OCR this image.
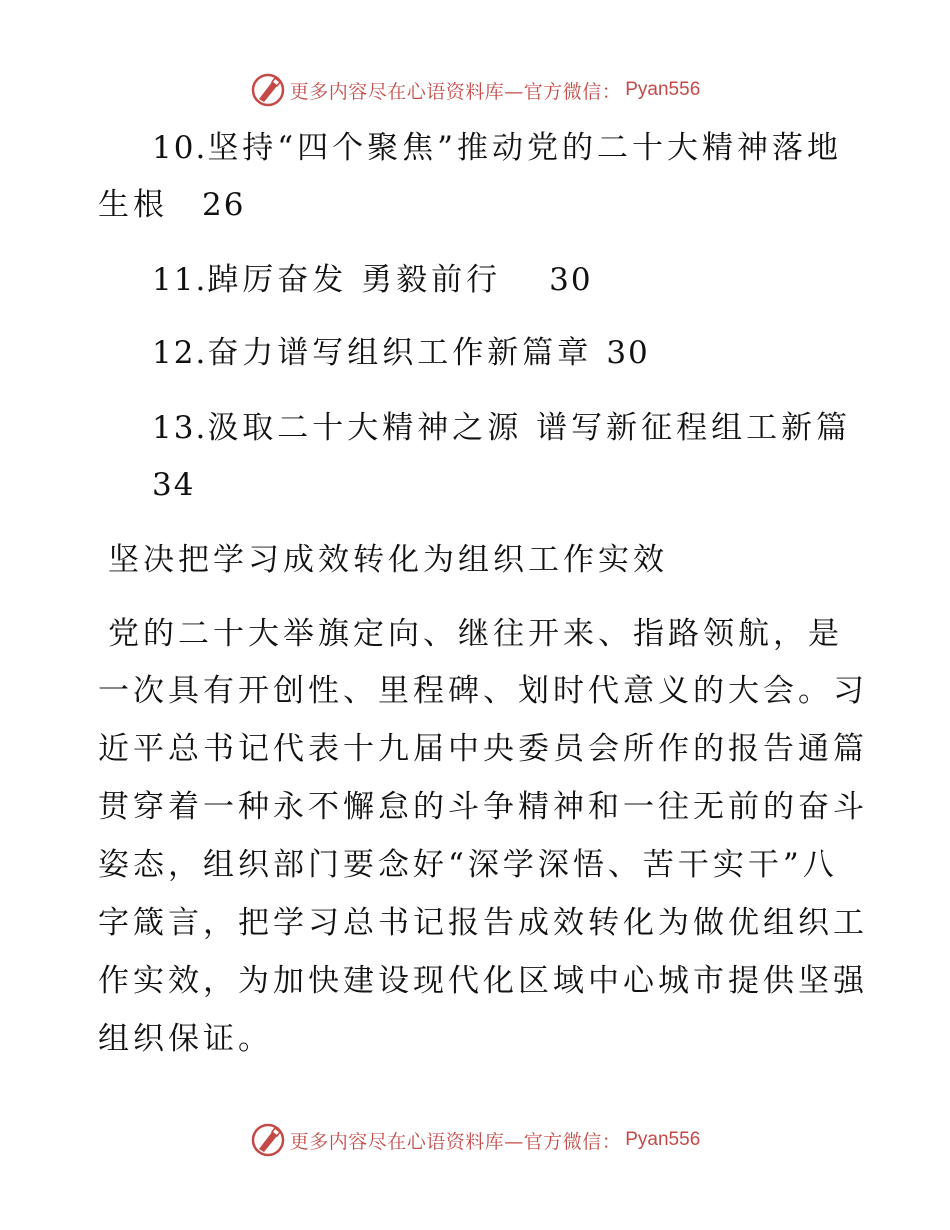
更多内容尽在心语资料库—官方微信： Pyan556
10.坚持“四个聚焦”推动党的二十大精神落地
生根 26
11.踔厉奋发 勇毅前行 30
12.奋力谱写组织工作新篇章 30
13.汲取二十大精神之源 谱写新征程组工新篇
34
坚决把学习成效转化为组织工作实效
党的二十大举旗定向、继往开来、指路领航，是
一次具有开创性、里程碑、划时代意义的大会。习
近平总书记代表十九届中央委员会所作的报告通篇
贯穿着一种永不懈怠的斗争精神和一往无前的奋斗
姿态，组织部门要念好“深学深悟、苦干实干”八
字箴言，把学习总书记报告成效转化为做优组织工
作实效，为加快建设现代化区域中心城市提供坚强
组织保证。
更多内容尽在心语资料库—官方微信： Pyan556
